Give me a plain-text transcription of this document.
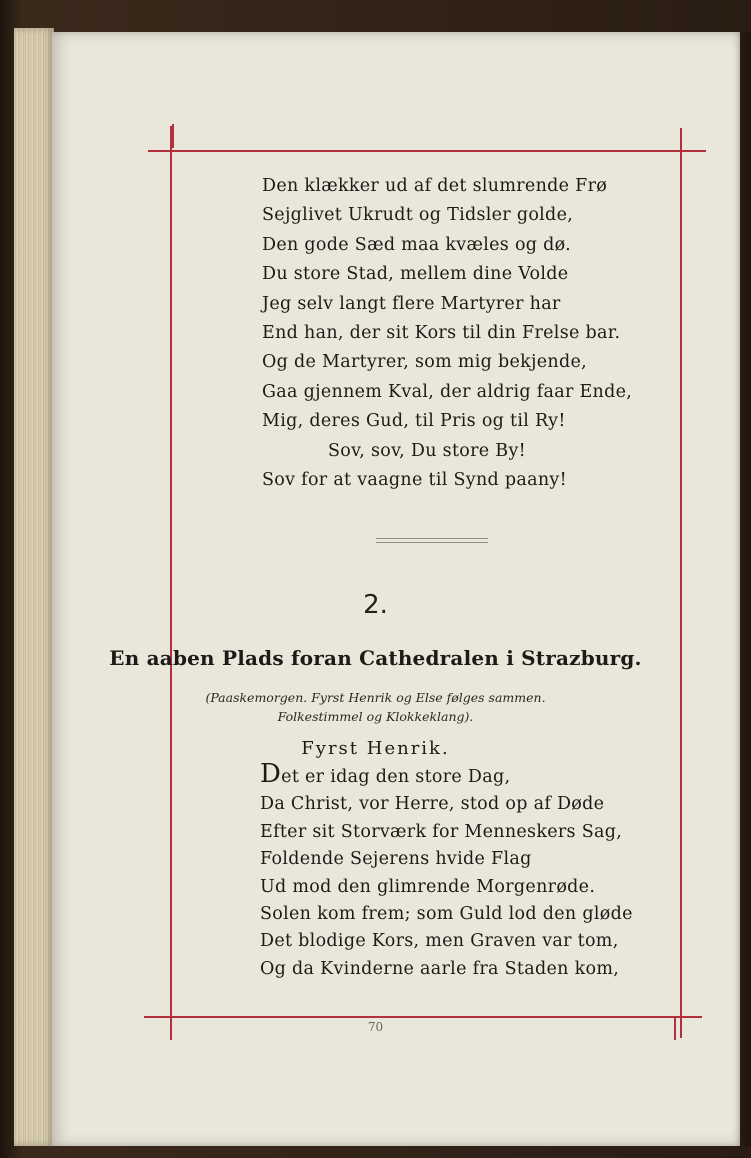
Den klækker ud af det slumrende Frø
Sejglivet Ukrudt og Tidsler golde,
Den gode Sæd maa kvæles og dø.
Du store Stad, mellem dine Volde
Jeg selv langt flere Martyrer har
End han, der sit Kors til din Frelse bar.
Og de Martyrer, som mig bekjende,
Gaa gjennem Kval, der aldrig faar Ende,
Mig, deres Gud, til Pris og til Ry!
Sov, sov, Du store By!
Sov for at vaagne til Synd paany!
2.
En aaben Plads foran Cathedralen i Strazburg.
(Paaskemorgen. Fyrst Henrik og Else følges sammen.
Folkestimmel og Klokkeklang).
Fyrst Henrik.
Det er idag den store Dag,
Da Christ, vor Herre, stod op af Døde
Efter sit Storværk for Menneskers Sag,
Foldende Sejerens hvide Flag
Ud mod den glimrende Morgenrøde.
Solen kom frem; som Guld lod den gløde
Det blodige Kors, men Graven var tom,
Og da Kvinderne aarle fra Staden kom,
70
